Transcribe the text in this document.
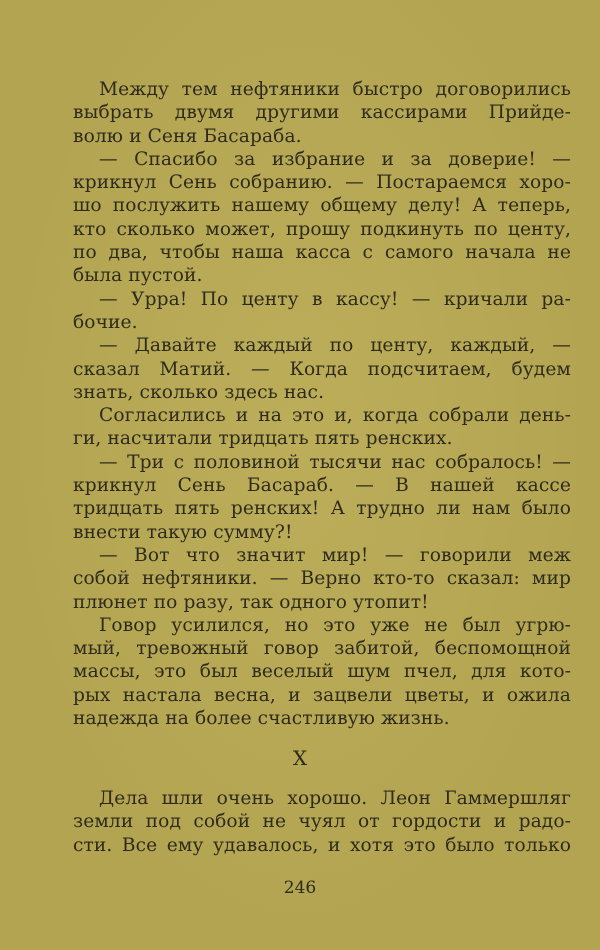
Между тем нефтяники быстро договорились
выбрать двумя другими кассирами Прийде-
волю и Сеня Басараба.
— Спасибо за избрание и за доверие! —
крикнул Сень собранию. — Постараемся хоро-
шо послужить нашему общему делу! А теперь,
кто сколько может, прошу подкинуть по центу,
по два, чтобы наша касса с самого начала не
была пустой.
— Урра! По центу в кассу! — кричали ра-
бочие.
— Давайте каждый по центу, каждый, —
сказал Матий. — Когда подсчитаем, будем
знать, сколько здесь нас.
Согласились и на это и, когда собрали день-
ги, насчитали тридцать пять ренских.
— Три с половиной тысячи нас собралось! —
крикнул Сень Басараб. — В нашей кассе
тридцать пять ренских! А трудно ли нам было
внести такую сумму?!
— Вот что значит мир! — говорили меж
собой нефтяники. — Верно кто-то сказал: мир
плюнет по разу, так одного утопит!
Говор усилился, но это уже не был угрю-
мый, тревожный говор забитой, беспомощной
массы, это был веселый шум пчел, для кото-
рых настала весна, и зацвели цветы, и ожила
надежда на более счастливую жизнь.
X
Дела шли очень хорошо. Леон Гаммершляг
земли под собой не чуял от гордости и радо-
сти. Все ему удавалось, и хотя это было только
246
